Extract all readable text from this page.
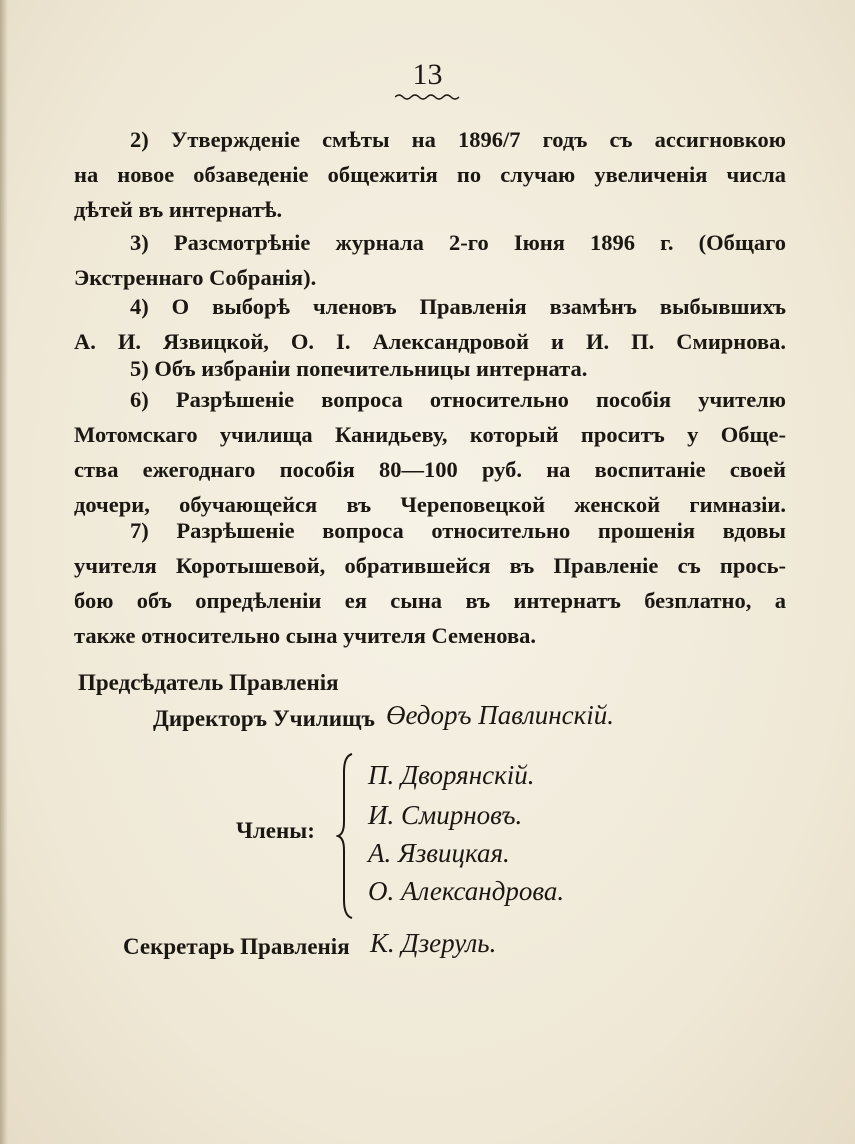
13
2) Утвержденіе смѣты на 1896/7 годъ съ ассигновкою
на новое обзаведеніе общежитія по случаю увеличенія числа
дѣтей въ интернатѣ.
3) Разсмотрѣніе журнала 2-го Іюня 1896 г. (Общаго
Экстреннаго Собранія).
4) О выборѣ членовъ Правленія взамѣнъ выбывшихъ
А. И. Язвицкой, О. І. Александровой и И. П. Смирнова.
5) Объ избраніи попечительницы интерната.
6) Разрѣшеніе вопроса относительно пособія учителю
Мотомскаго училища Канидьеву, который проситъ у Обще-
ства ежегоднаго пособія 80—100 руб. на воспитаніе своей
дочери, обучающейся въ Череповецкой женской гимназіи.
7) Разрѣшеніе вопроса относительно прошенія вдовы
учителя Коротышевой, обратившейся въ Правленіе съ прось-
бою объ опредѣленіи ея сына въ интернатъ безплатно, а
также относительно сына учителя Семенова.
Предсѣдатель Правленія
Директоръ Училищъ Өедоръ Павлинскій.
Члены:
П. Дворянскій.
И. Смирновъ.
А. Язвицкая.
О. Александрова.
Секретарь Правленія К. Дзеруль.
